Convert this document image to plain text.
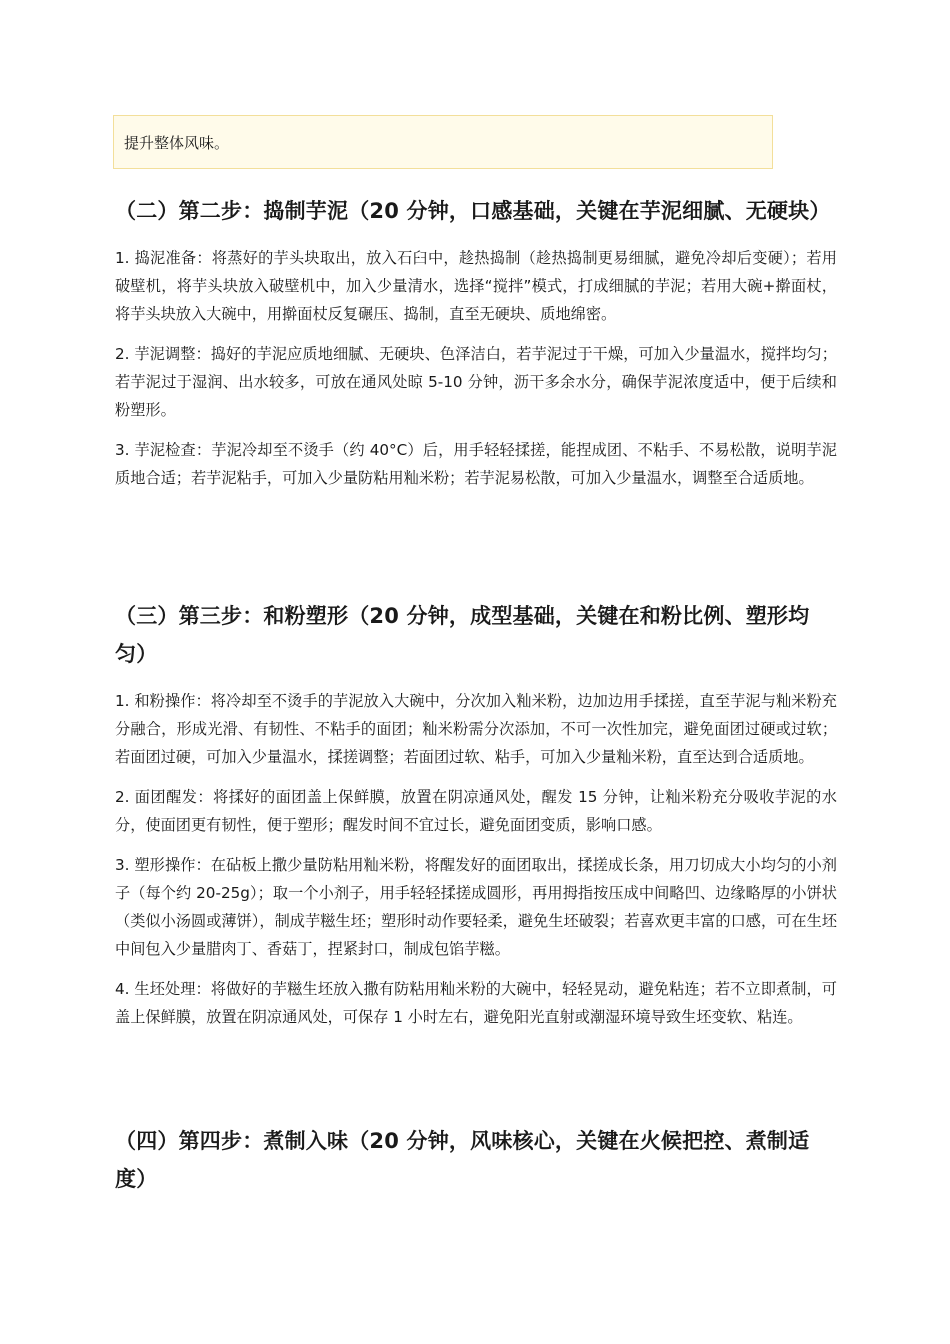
提升整体风味。
（二）第二步：捣制芋泥（20 分钟，口感基础，关键在芋泥细腻、无硬块）

1. 捣泥准备：将蒸好的芋头块取出，放入石臼中，趁热捣制（趁热捣制更易细腻，避免冷却后变硬）；若用破壁机，将芋头块放入破壁机中，加入少量清水，选择“搅拌”模式，打成细腻的芋泥；若用大碗+擀面杖，将芋头块放入大碗中，用擀面杖反复碾压、捣制，直至无硬块、质地绵密。

2. 芋泥调整：捣好的芋泥应质地细腻、无硬块、色泽洁白，若芋泥过于干燥，可加入少量温水，搅拌均匀；若芋泥过于湿润、出水较多，可放在通风处晾 5-10 分钟，沥干多余水分，确保芋泥浓度适中，便于后续和粉塑形。

3. 芋泥检查：芋泥冷却至不烫手（约 40°C）后，用手轻轻揉搓，能捏成团、不粘手、不易松散，说明芋泥质地合适；若芋泥粘手，可加入少量防粘用籼米粉；若芋泥易松散，可加入少量温水，调整至合适质地。

（三）第三步：和粉塑形（20 分钟，成型基础，关键在和粉比例、塑形均匀）

1. 和粉操作：将冷却至不烫手的芋泥放入大碗中，分次加入籼米粉，边加边用手揉搓，直至芋泥与籼米粉充分融合，形成光滑、有韧性、不粘手的面团；籼米粉需分次添加，不可一次性加完，避免面团过硬或过软；若面团过硬，可加入少量温水，揉搓调整；若面团过软、粘手，可加入少量籼米粉，直至达到合适质地。

2. 面团醒发：将揉好的面团盖上保鲜膜，放置在阴凉通风处，醒发 15 分钟，让籼米粉充分吸收芋泥的水分，使面团更有韧性，便于塑形；醒发时间不宜过长，避免面团变质，影响口感。

3. 塑形操作：在砧板上撒少量防粘用籼米粉，将醒发好的面团取出，揉搓成长条，用刀切成大小均匀的小剂子（每个约 20-25g）；取一个小剂子，用手轻轻揉搓成圆形，再用拇指按压成中间略凹、边缘略厚的小饼状（类似小汤圆或薄饼），制成芋糍生坯；塑形时动作要轻柔，避免生坯破裂；若喜欢更丰富的口感，可在生坯中间包入少量腊肉丁、香菇丁，捏紧封口，制成包馅芋糍。

4. 生坯处理：将做好的芋糍生坯放入撒有防粘用籼米粉的大碗中，轻轻晃动，避免粘连；若不立即煮制，可盖上保鲜膜，放置在阴凉通风处，可保存 1 小时左右，避免阳光直射或潮湿环境导致生坯变软、粘连。

（四）第四步：煮制入味（20 分钟，风味核心，关键在火候把控、煮制适度）
